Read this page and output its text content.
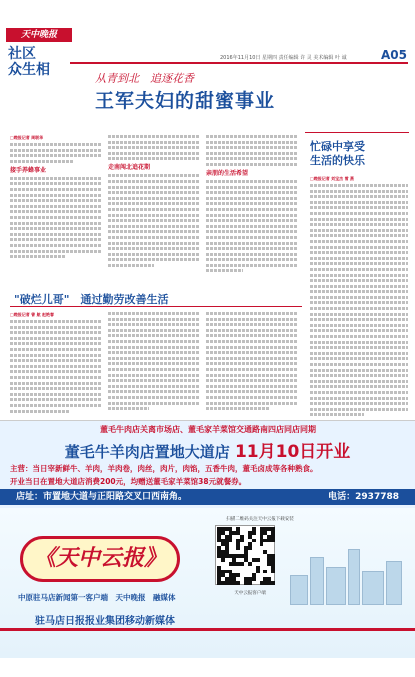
天中晚报
社区
众生相
2016年11月10日 星期四 责任编辑 许 灵 美术编辑 叶 诚	A05
从青到北　追逐花香
王军夫妇的甜蜜事业
□晚报记者 周联华
接手养蜂事业	走南闯北追花期
亲朋的生活希望
忙碌中享受
生活的快乐
□晚报记者 刘宝杰 雪 燕
"破烂儿哥"　通过勤劳改善生活
□晚报记者 曾 航 赵艳春
董毛牛肉店关离市场店、董毛家羊菜馆交通路南四店同店同期
董毛牛羊肉店置地大道店 11月10日开业
主营：当日宰新鲜牛、羊肉，羊肉卷，肉丝，肉片，肉馅，五香牛肉，董毛卤成等各种熟食。
开业当日在置地大道店消费200元，均赠送董毛家羊菜馆38元就餐券。
店址：市置地大道与正阳路交叉口西南角。	电话：2937788
《天中云报》
中原驻马店新闻第一客户端　天中晚报　融媒体
扫描二维码关注天中云报下载安装
天中云报客户端
驻马店日报报业集团移动新媒体
